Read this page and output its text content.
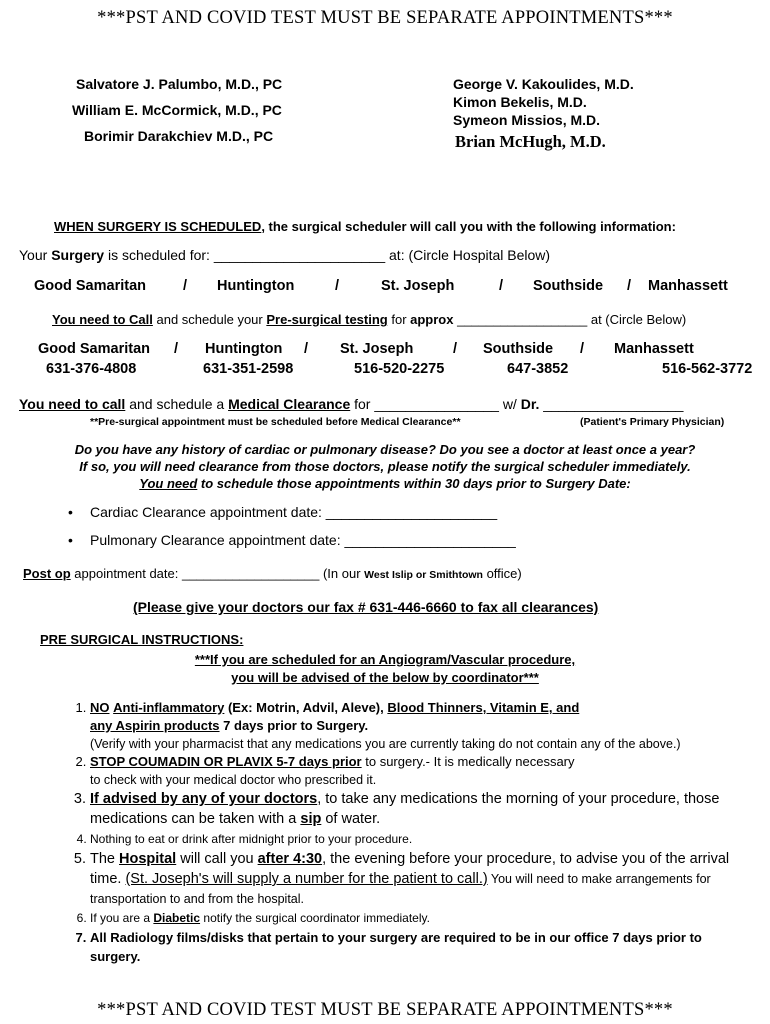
***PST AND COVID TEST MUST BE SEPARATE APPOINTMENTS***
Salvatore J. Palumbo, M.D., PC
William E. McCormick, M.D., PC
Borimir Darakchiev M.D., PC
George V. Kakoulides, M.D.
Kimon Bekelis, M.D.
Symeon Missios, M.D.
Brian McHugh, M.D.
WHEN SURGERY IS SCHEDULED, the surgical scheduler will call you with the following information:
Your Surgery is scheduled for: ______________________ at: (Circle Hospital Below)
Good Samaritan	/ Huntington	/	St. Joseph	/ Southside / Manhassett
You need to Call and schedule your Pre-surgical testing for approx __________________ at (Circle Below)
Good Samaritan / Huntington / St. Joseph	/ Southside / Manhassett
631-376-4808	631-351-2598	516-520-2275	647-3852	516-562-3772
You need to call and schedule a Medical Clearance for ________________ w/ Dr. __________________
**Pre-surgical appointment must be scheduled before Medical Clearance**	(Patient's Primary Physician)
Do you have any history of cardiac or pulmonary disease? Do you see a doctor at least once a year?
If so, you will need clearance from those doctors, please notify the surgical scheduler immediately.
You need to schedule those appointments within 30 days prior to Surgery Date:
• Cardiac Clearance appointment date: ______________________
• Pulmonary Clearance appointment date: ______________________
Post op appointment date: ___________________ (In our West Islip or Smithtown office)
(Please give your doctors our fax # 631-446-6660 to fax all clearances)
PRE SURGICAL INSTRUCTIONS:
***If you are scheduled for an Angiogram/Vascular procedure,
you will be advised of the below by coordinator***
1. NO Anti-inflammatory (Ex: Motrin, Advil, Aleve), Blood Thinners, Vitamin E, and
any Aspirin products 7 days prior to Surgery.
(Verify with your pharmacist that any medications you are currently taking do not contain any of the above.)
2. STOP COUMADIN OR PLAVIX 5-7 days prior to surgery.- It is medically necessary
to check with your medical doctor who prescribed it.
3. If advised by any of your doctors, to take any medications the morning of your procedure, those medications can be taken with a sip of water.
4. Nothing to eat or drink after midnight prior to your procedure.
5. The Hospital will call you after 4:30, the evening before your procedure, to advise you of the arrival time. (St. Joseph's will supply a number for the patient to call.) You will need to make arrangements for transportation to and from the hospital.
6. If you are a Diabetic notify the surgical coordinator immediately.
7. All Radiology films/disks that pertain to your surgery are required to be in our office 7 days prior to surgery.
***PST AND COVID TEST MUST BE SEPARATE APPOINTMENTS***
